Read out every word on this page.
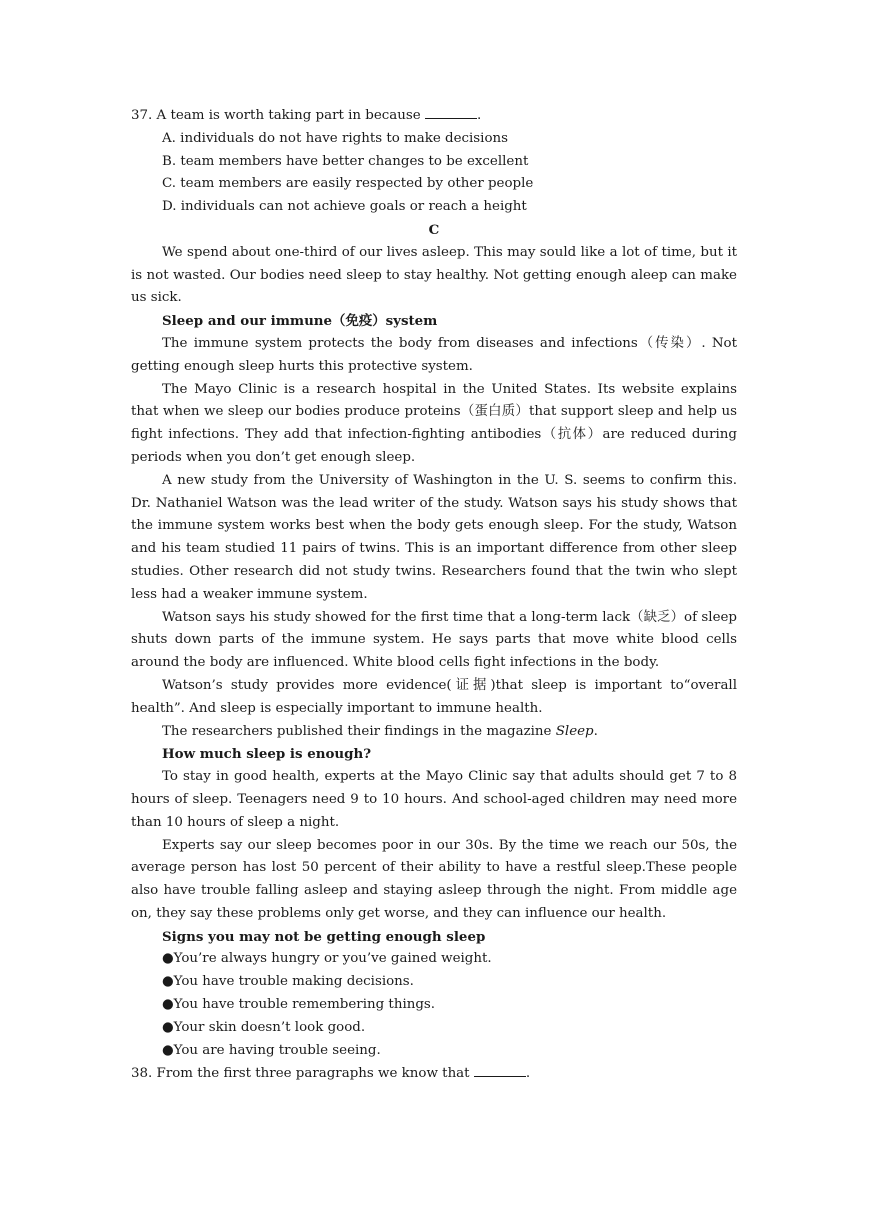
37. A team is worth taking part in because	.

A. individuals do not have rights to make decisions

B. team members have better changes to be excellent

C. team members are easily respected by other people

D. individuals can not achieve goals or reach a height

C

We spend about one-third of our lives asleep. This may sould like a lot of time, but it is not wasted. Our bodies need sleep to stay healthy. Not getting enough aleep can make us sick.

Sleep and our immune（免疫）system

The immune system protects the body from diseases and infections（传染）. Not getting enough sleep hurts this protective system.

The Mayo Clinic is a research hospital in the United States. Its website explains that when we sleep our bodies produce proteins（蛋白质）that support sleep and help us fight infections. They add that infection-fighting antibodies（抗体）are reduced during periods when you don’t get enough sleep.

A new study from the University of Washington in the U. S. seems to confirm this. Dr. Nathaniel Watson was the lead writer of the study. Watson says his study shows that the immune system works best when the body gets enough sleep. For the study, Watson and his team studied 11 pairs of twins. This is an important difference from other sleep studies. Other research did not study twins. Researchers found that the twin who slept less had a weaker immune system.

Watson says his study showed for the first time that a long-term lack（缺乏）of sleep shuts down parts of the immune system. He says parts that move white blood cells around the body are influenced. White blood cells fight infections in the body.

Watson’s study provides more evidence(证据)that sleep is important to“overall health”. And sleep is especially important to immune health.

The researchers published their findings in the magazine Sleep.

How much sleep is enough?

To stay in good health, experts at the Mayo Clinic say that adults should get 7 to 8 hours of sleep. Teenagers need 9 to 10 hours. And school-aged children may need more than 10 hours of sleep a night.

Experts say our sleep becomes poor in our 30s. By the time we reach our 50s, the average person has lost 50 percent of their ability to have a restful sleep.These people also have trouble falling asleep and staying asleep through the night. From middle age on, they say these problems only get worse, and they can influence our health.

Signs you may not be getting enough sleep

●You’re always hungry or you’ve gained weight.

●You have trouble making decisions.

●You have trouble remembering things.

●Your skin doesn’t look good.

●You are having trouble seeing.

38. From the first three paragraphs we know that	.
